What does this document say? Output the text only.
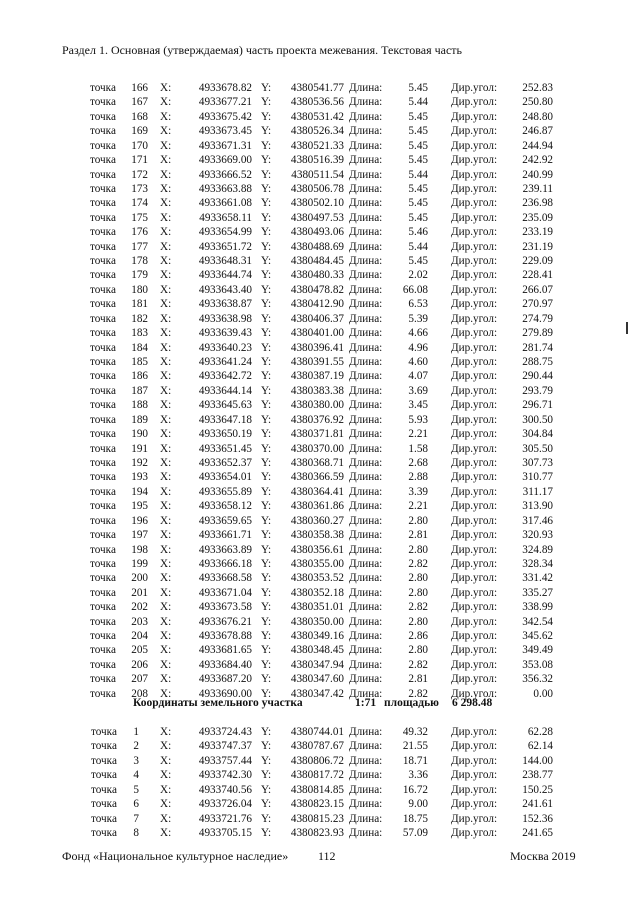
Раздел 1. Основная (утверждаемая) часть проекта межевания. Текстовая часть
точка 166 X:	4933678.82 Y:	4380541.77 Длина:	5.45 Дир.угол:	252.83
точка 167 X:	4933677.21 Y:	4380536.56 Длина:	5.44 Дир.угол:	250.80
точка 168 X:	4933675.42 Y:	4380531.42 Длина:	5.45 Дир.угол:	248.80
точка 169 X:	4933673.45 Y:	4380526.34 Длина:	5.45 Дир.угол:	246.87
точка 170 X:	4933671.31 Y:	4380521.33 Длина:	5.45 Дир.угол:	244.94
точка 171 X:	4933669.00 Y:	4380516.39 Длина:	5.45 Дир.угол:	242.92
точка 172 X:	4933666.52 Y:	4380511.54 Длина:	5.44 Дир.угол:	240.99
точка 173 X:	4933663.88 Y:	4380506.78 Длина:	5.45 Дир.угол:	239.11
точка 174 X:	4933661.08 Y:	4380502.10 Длина:	5.45 Дир.угол:	236.98
точка 175 X:	4933658.11 Y:	4380497.53 Длина:	5.45 Дир.угол:	235.09
точка 176 X:	4933654.99 Y:	4380493.06 Длина:	5.46 Дир.угол:	233.19
точка 177 X:	4933651.72 Y:	4380488.69 Длина:	5.44 Дир.угол:	231.19
точка 178 X:	4933648.31 Y:	4380484.45 Длина:	5.45 Дир.угол:	229.09
точка 179 X:	4933644.74 Y:	4380480.33 Длина:	2.02 Дир.угол:	228.41
точка 180 X:	4933643.40 Y:	4380478.82 Длина:	66.08 Дир.угол:	266.07
точка 181 X:	4933638.87 Y:	4380412.90 Длина:	6.53 Дир.угол:	270.97
точка 182 X:	4933638.98 Y:	4380406.37 Длина:	5.39 Дир.угол:	274.79
точка 183 X:	4933639.43 Y:	4380401.00 Длина:	4.66 Дир.угол:	279.89
точка 184 X:	4933640.23 Y:	4380396.41 Длина:	4.96 Дир.угол:	281.74
точка 185 X:	4933641.24 Y:	4380391.55 Длина:	4.60 Дир.угол:	288.75
точка 186 X:	4933642.72 Y:	4380387.19 Длина:	4.07 Дир.угол:	290.44
точка 187 X:	4933644.14 Y:	4380383.38 Длина:	3.69 Дир.угол:	293.79
точка 188 X:	4933645.63 Y:	4380380.00 Длина:	3.45 Дир.угол:	296.71
точка 189 X:	4933647.18 Y:	4380376.92 Длина:	5.93 Дир.угол:	300.50
точка 190 X:	4933650.19 Y:	4380371.81 Длина:	2.21 Дир.угол:	304.84
точка 191 X:	4933651.45 Y:	4380370.00 Длина:	1.58 Дир.угол:	305.50
точка 192 X:	4933652.37 Y:	4380368.71 Длина:	2.68 Дир.угол:	307.73
точка 193 X:	4933654.01 Y:	4380366.59 Длина:	2.88 Дир.угол:	310.77
точка 194 X:	4933655.89 Y:	4380364.41 Длина:	3.39 Дир.угол:	311.17
точка 195 X:	4933658.12 Y:	4380361.86 Длина:	2.21 Дир.угол:	313.90
точка 196 X:	4933659.65 Y:	4380360.27 Длина:	2.80 Дир.угол:	317.46
точка 197 X:	4933661.71 Y:	4380358.38 Длина:	2.81 Дир.угол:	320.93
точка 198 X:	4933663.89 Y:	4380356.61 Длина:	2.80 Дир.угол:	324.89
точка 199 X:	4933666.18 Y:	4380355.00 Длина:	2.82 Дир.угол:	328.34
точка 200 X:	4933668.58 Y:	4380353.52 Длина:	2.80 Дир.угол:	331.42
точка 201 X:	4933671.04 Y:	4380352.18 Длина:	2.80 Дир.угол:	335.27
точка 202 X:	4933673.58 Y:	4380351.01 Длина:	2.82 Дир.угол:	338.99
точка 203 X:	4933676.21 Y:	4380350.00 Длина:	2.80 Дир.угол:	342.54
точка 204 X:	4933678.88 Y:	4380349.16 Длина:	2.86 Дир.угол:	345.62
точка 205 X:	4933681.65 Y:	4380348.45 Длина:	2.80 Дир.угол:	349.49
точка 206 X:	4933684.40 Y:	4380347.94 Длина:	2.82 Дир.угол:	353.08
точка 207 X:	4933687.20 Y:	4380347.60 Длина:	2.81 Дир.угол:	356.32
точка 208 X:	4933690.00 Y:	4380347.42 Длина:	2.82 Дир.угол:	0.00
Координаты земельного участка	1:71 площадью 6 298.48
точка	1 X:	4933724.43 Y:	4380744.01 Длина:	49.32 Дир.угол:	62.28
точка	2 X:	4933747.37 Y:	4380787.67 Длина:	21.55 Дир.угол:	62.14
точка	3 X:	4933757.44 Y:	4380806.72 Длина:	18.71 Дир.угол:	144.00
точка	4 X:	4933742.30 Y:	4380817.72 Длина:	3.36 Дир.угол:	238.77
точка	5 X:	4933740.56 Y:	4380814.85 Длина:	16.72 Дир.угол:	150.25
точка	6 X:	4933726.04 Y:	4380823.15 Длина:	9.00 Дир.угол:	241.61
точка	7 X:	4933721.76 Y:	4380815.23 Длина:	18.75 Дир.угол:	152.36
точка	8 X:	4933705.15 Y:	4380823.93 Длина:	57.09 Дир.угол:	241.65
Фонд «Национальное культурное наследие» 112	Москва 2019
